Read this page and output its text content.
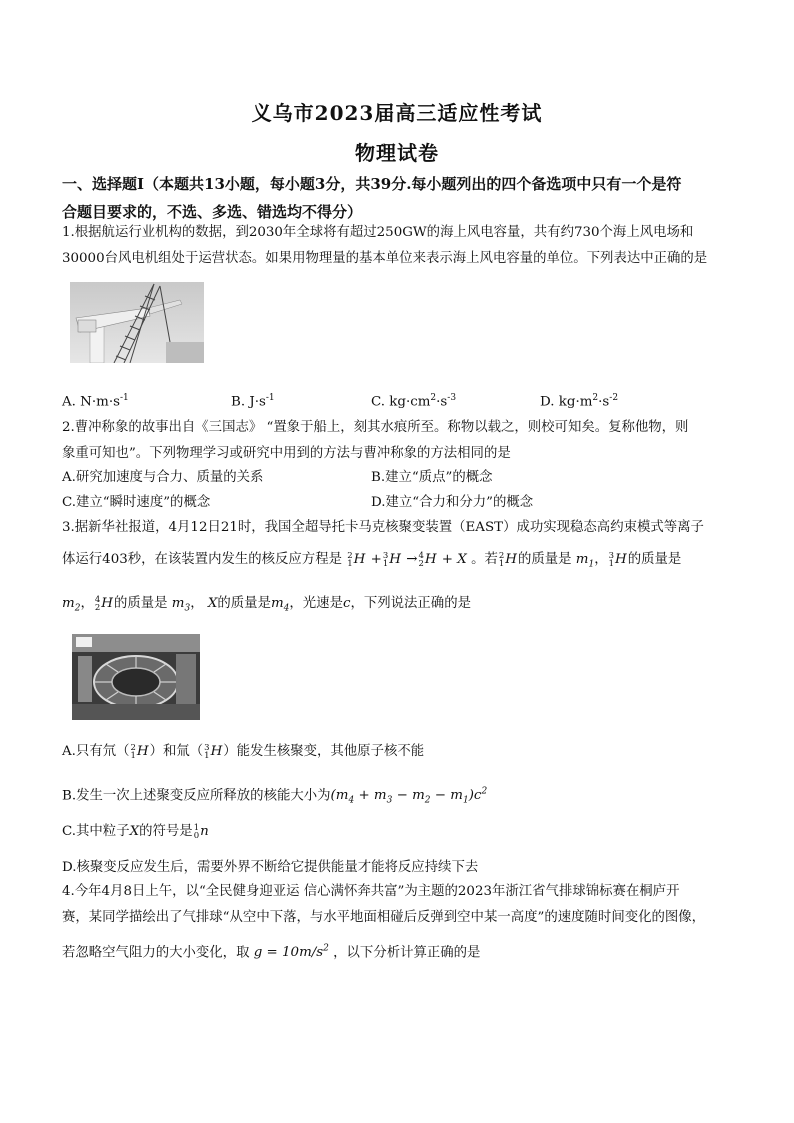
义乌市2023届高三适应性考试
物理试卷
一、选择题Ⅰ（本题共13小题，每小题3分，共39分.每小题列出的四个备选项中只有一个是符
合题目要求的，不选、多选、错选均不得分）
1.根据航运行业机构的数据，到2030年全球将有超过250GW的海上风电容量，共有约730个海上风电场和
30000台风电机组处于运营状态。如果用物理量的基本单位来表示海上风电容量的单位。下列表达中正确的是
A. $N\cdot m\cdot s^{-1}$	B. $J\cdot s^{-1}$	C. $kg\cdot cm^2\cdot s^{-3}$	D. $kg\cdot m^2\cdot s^{-2}$
2.曹冲称象的故事出自《三国志》 “置象于船上，刻其水痕所至。称物以载之，则校可知矣。复称他物，则
象重可知也”。下列物理学习或研究中用到的方法与曹冲称象的方法相同的是
A.研究加速度与合力、质量的关系	B.建立“质点”的概念
C.建立“瞬时速度”的概念	D.建立“合力和分力”的概念
3.据新华社报道，4月12日21时，我国全超导托卡马克核聚变装置（EAST）成功实现稳态高约束模式等离子
体运行403秒，在该装置内发生的核反应方程是 2
1 H + 3
1 H → 4
2 H + X 。若 2
1 H的质量是 $m_1$， 3
1 H的质量是
$m_2$， 4
2 H的质量是 $m_3$， X的质量是$m_4$，光速是c，下列说法正确的是
A.只有氘（ 2
1 H）和氚（ 3
1 H）能发生核聚变，其他原子核不能
B.发生一次上述聚变反应所释放的核能大小为$(m_4 + m_3 - m_2 - m_1)c^2$
C.其中粒子X的符号是 1
0 n
D.核聚变反应发生后，需要外界不断给它提供能量才能将反应持续下去
4.今年4月8日上午，以“全民健身迎亚运 信心满怀奔共富”为主题的2023年浙江省气排球锦标赛在桐庐开
赛，某同学描绘出了气排球“从空中下落，与水平地面相碰后反弹到空中某一高度”的速度随时间变化的图像，
若忽略空气阻力的大小变化，取 $g = 10m/s^2$ ，以下分析计算正确的是
